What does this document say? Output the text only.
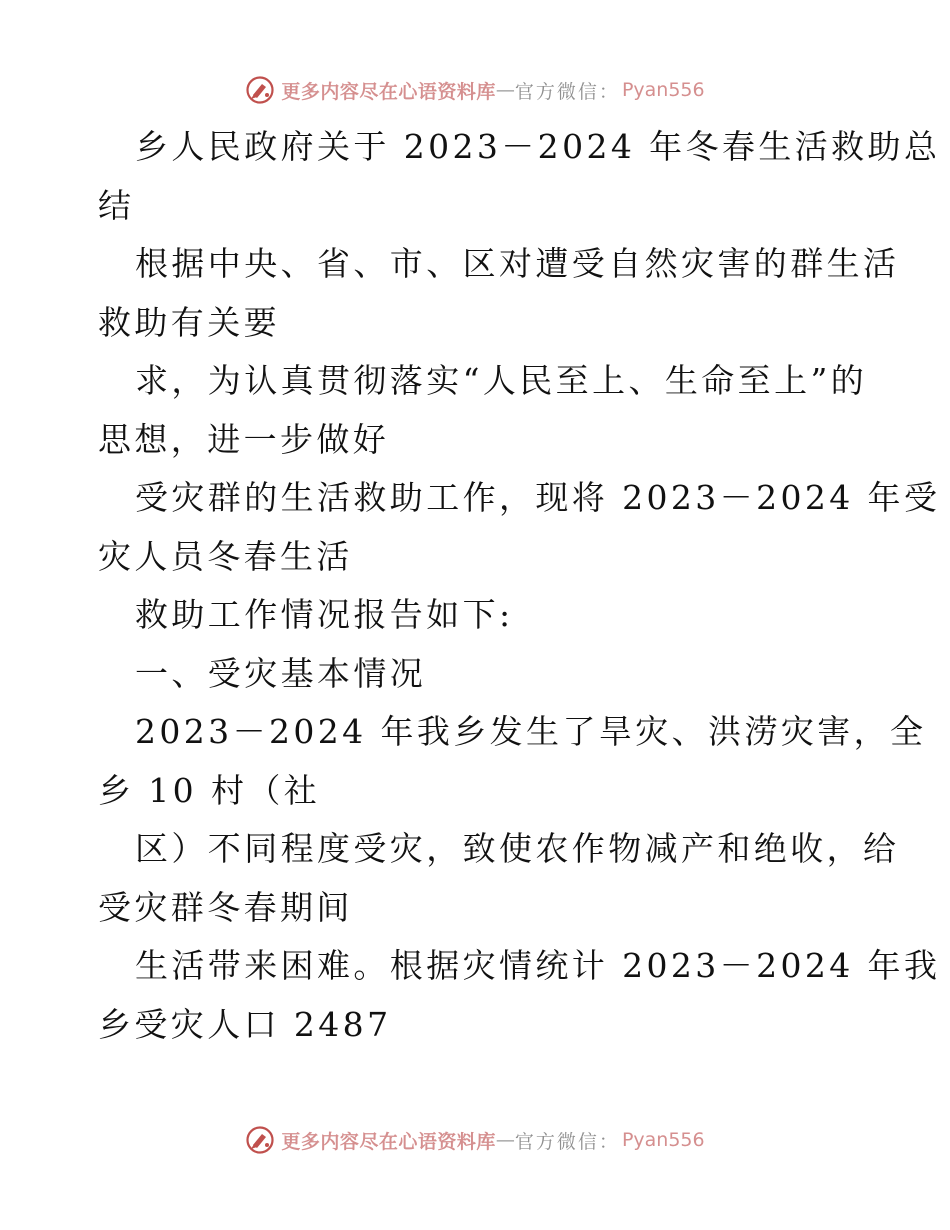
更多内容尽在心语资料库 — 官方微信： Pyan556
乡人民政府关于 2023－2024 年冬春生活救助总
结
根据中央、省、市、区对遭受自然灾害的群生活
救助有关要
求，为认真贯彻落实“人民至上、生命至上”的
思想，进一步做好
受灾群的生活救助工作，现将 2023－2024 年受
灾人员冬春生活
救助工作情况报告如下:
一、受灾基本情况
2023－2024 年我乡发生了旱灾、洪涝灾害，全
乡 10 村（社
区）不同程度受灾，致使农作物减产和绝收，给
受灾群冬春期间
生活带来困难。根据灾情统计 2023－2024 年我
乡受灾人口 2487
更多内容尽在心语资料库 — 官方微信： Pyan556
